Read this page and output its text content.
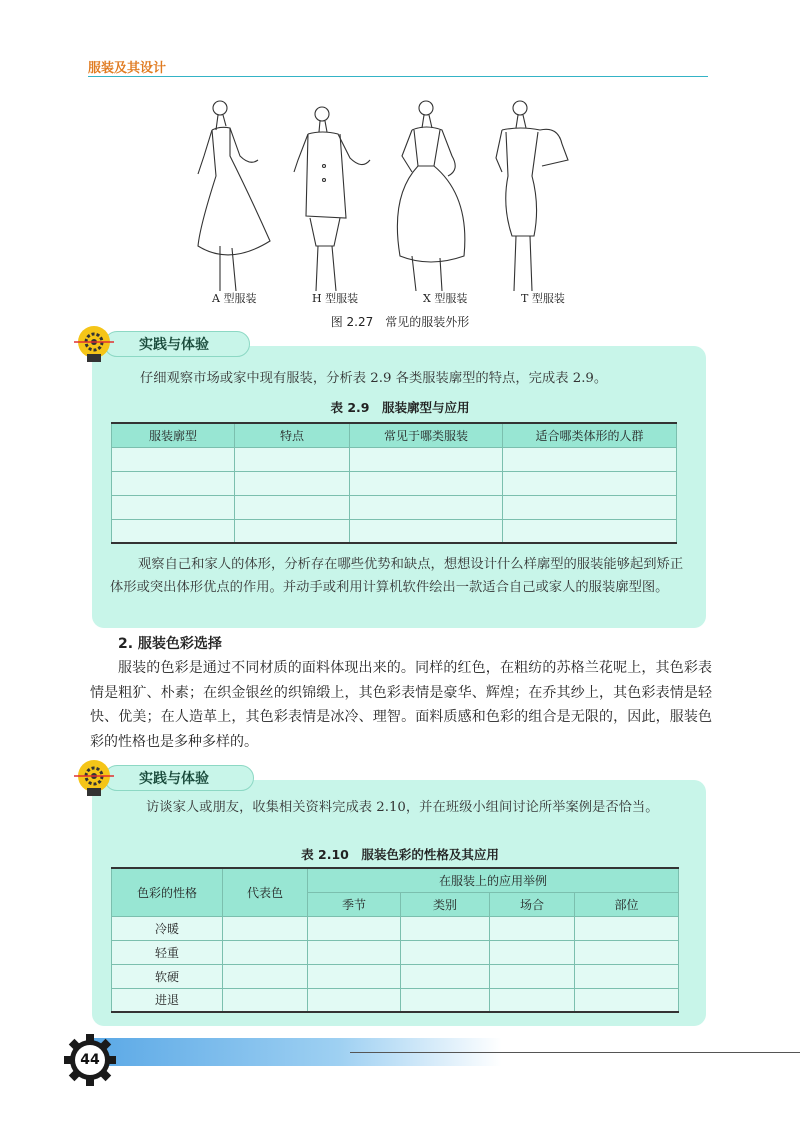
服装及其设计
A 型服装	H 型服装	X 型服装	T 型服装
图 2.27　常见的服装外形
实践与体验
仔细观察市场或家中现有服装，分析表 2.9 各类服装廓型的特点，完成表 2.9。
表 2.9　服装廓型与应用
服装廓型	特点	常见于哪类服装	适合哪类体形的人群

观察自己和家人的体形，分析存在哪些优势和缺点，想想设计什么样廓型的服装能够起到矫正体形或突出体形优点的作用。并动手或利用计算机软件绘出一款适合自己或家人的服装廓型图。
2. 服装色彩选择
服装的色彩是通过不同材质的面料体现出来的。同样的红色，在粗纺的苏格兰花呢上，其色彩表情是粗犷、朴素；在织金银丝的织锦缎上，其色彩表情是豪华、辉煌；在乔其纱上，其色彩表情是轻快、优美；在人造革上，其色彩表情是冰冷、理智。面料质感和色彩的组合是无限的，因此，服装色彩的性格也是多种多样的。
实践与体验
访谈家人或朋友，收集相关资料完成表 2.10，并在班级小组间讨论所举案例是否恰当。
表 2.10　服装色彩的性格及其应用
色彩的性格	代表色	在服装上的应用举例			
		季节	类别	场合	部位
冷暖					
轻重					
软硬					
进退					
44
